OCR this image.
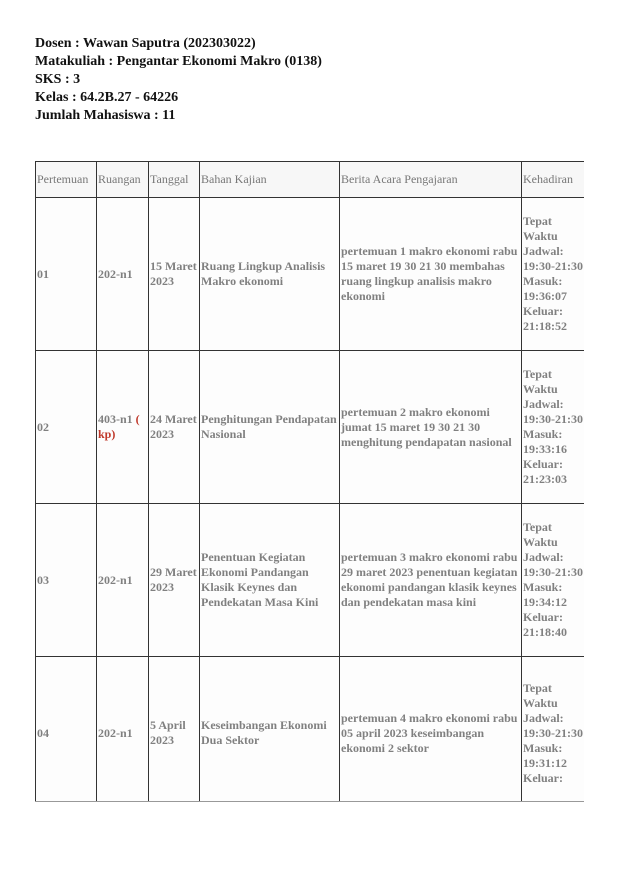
Dosen : Wawan Saputra (202303022)
Matakuliah : Pengantar Ekonomi Makro (0138)
SKS : 3
Kelas : 64.2B.27 - 64226
Jumlah Mahasiswa : 11
Pertemuan	Ruangan	Tanggal	Bahan Kajian	Berita Acara Pengajaran	Kehadiran
01	202-n1	15 Maret 2023	Ruang Lingkup Analisis Makro ekonomi	pertemuan 1 makro ekonomi rabu 15 maret 19 30 21 30 membahas ruang lingkup analisis makro ekonomi	Tepat Waktu Jadwal: 19:30-21:30 Masuk: 19:36:07 Keluar: 21:18:52
02	403-n1 ( kp)	24 Maret 2023	Penghitungan Pendapatan Nasional	pertemuan 2 makro ekonomi jumat 15 maret 19 30 21 30 menghitung pendapatan nasional	Tepat Waktu Jadwal: 19:30-21:30 Masuk: 19:33:16 Keluar: 21:23:03
03	202-n1	29 Maret 2023	Penentuan Kegiatan Ekonomi Pandangan Klasik Keynes dan Pendekatan Masa Kini	pertemuan 3 makro ekonomi rabu 29 maret 2023 penentuan kegiatan ekonomi pandangan klasik keynes dan pendekatan masa kini	Tepat Waktu Jadwal: 19:30-21:30 Masuk: 19:34:12 Keluar: 21:18:40
04	202-n1	5 April 2023	Keseimbangan Ekonomi Dua Sektor	pertemuan 4 makro ekonomi rabu 05 april 2023 keseimbangan ekonomi 2 sektor	Tepat Waktu Jadwal: 19:30-21:30 Masuk: 19:31:12 Keluar:
